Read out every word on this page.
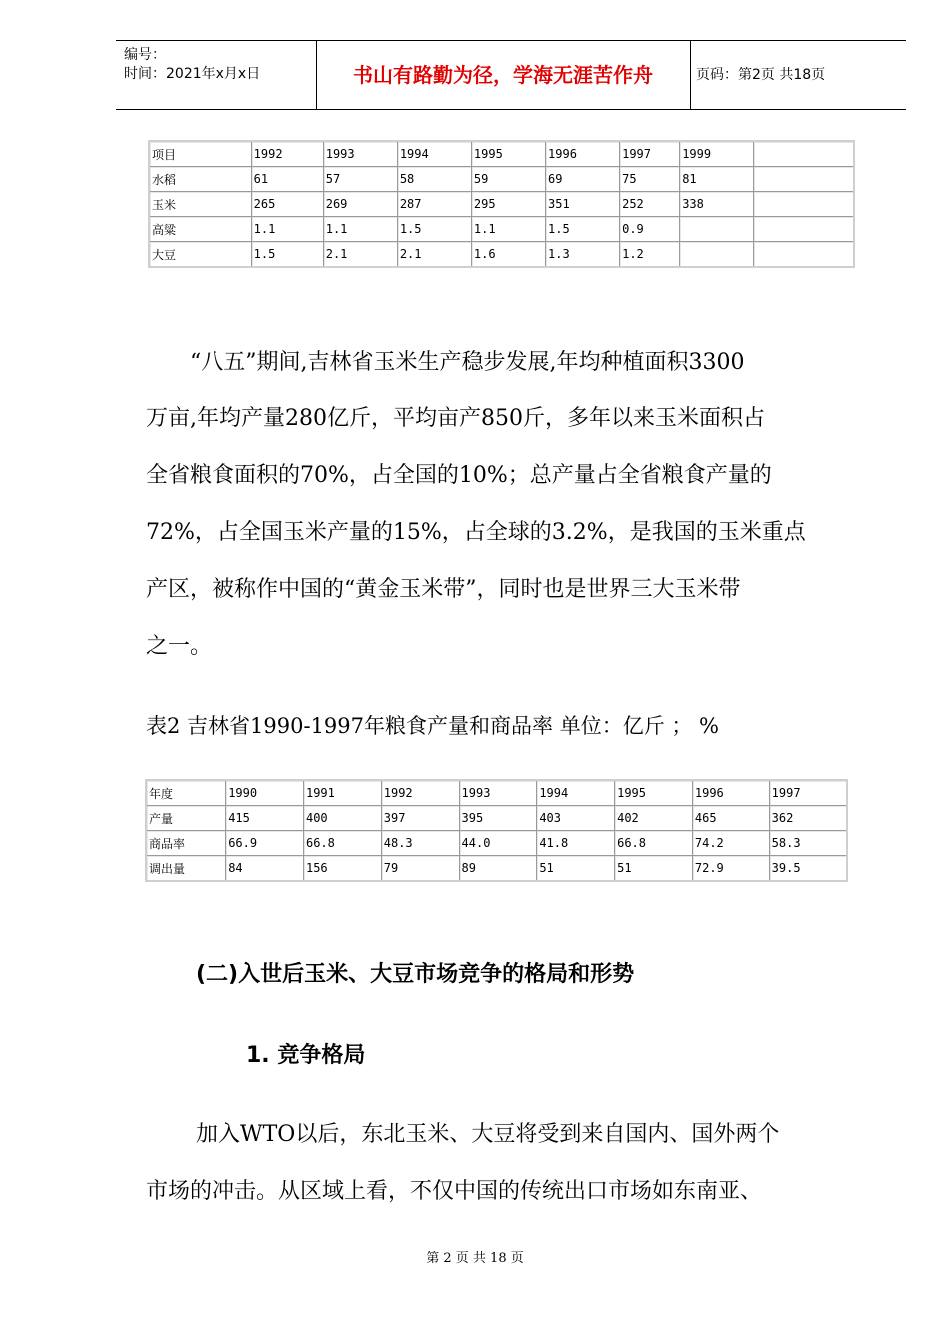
编号：
时间：2021年x月x日	书山有路勤为径，学海无涯苦作舟	页码：第2页 共18页
项目	1992	1993	1994	1995	1996	1997	1999	
水稻	61	57	58	59	69	75	81	
玉米	265	269	287	295	351	252	338	
高粱	1.1	1.1	1.5	1.1	1.5	0.9		
大豆	1.5	2.1	2.1	1.6	1.3	1.2		
“八五”期间,吉林省玉米生产稳步发展,年均种植面积3300
万亩,年均产量280亿斤，平均亩产850斤，多年以来玉米面积占
全省粮食面积的70%，占全国的10%；总产量占全省粮食产量的
72%，占全国玉米产量的15%，占全球的3.2%，是我国的玉米重点
产区，被称作中国的“黄金玉米带”，同时也是世界三大玉米带
之一。
表2 吉林省1990-1997年粮食产量和商品率 单位：亿斤 ； %
年度	1990	1991	1992	1993	1994	1995	1996	1997
产量	415	400	397	395	403	402	465	362
商品率	66.9	66.8	48.3	44.0	41.8	66.8	74.2	58.3
调出量	84	156	79	89	51	51	72.9	39.5
(二)入世后玉米、大豆市场竞争的格局和形势
1. 竞争格局
加入WTO以后，东北玉米、大豆将受到来自国内、国外两个
市场的冲击。从区域上看，不仅中国的传统出口市场如东南亚、
第 2 页 共 18 页
